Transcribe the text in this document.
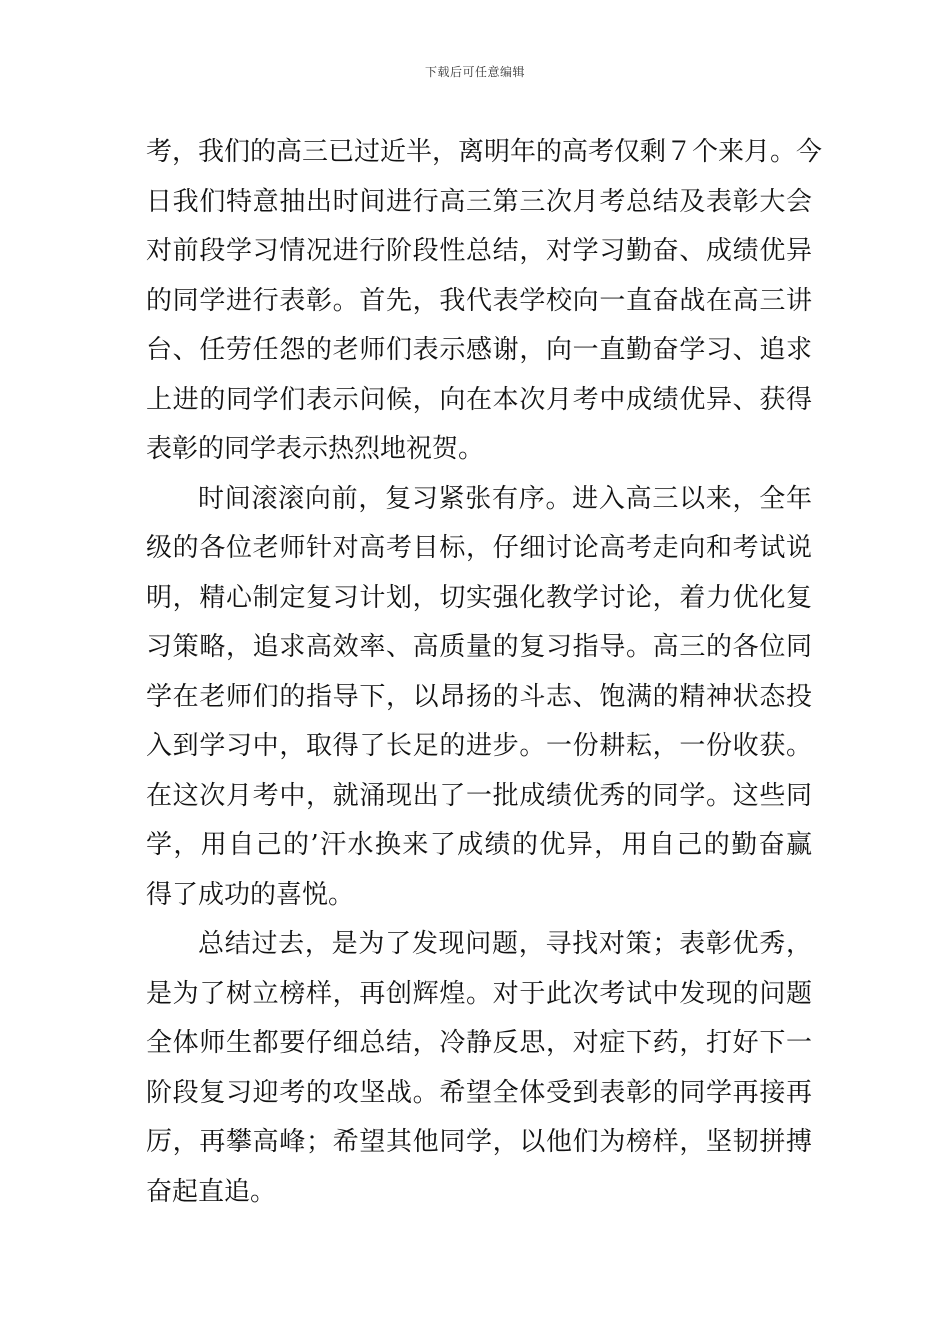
下载后可任意编辑
考，我们的高三已过近半，离明年的高考仅剩７个来月。今
日我们特意抽出时间进行高三第三次月考总结及表彰大会
对前段学习情况进行阶段性总结，对学习勤奋、成绩优异
的同学进行表彰。首先，我代表学校向一直奋战在高三讲
台、任劳任怨的老师们表示感谢，向一直勤奋学习、追求
上进的同学们表示问候，向在本次月考中成绩优异、获得
表彰的同学表示热烈地祝贺。
时间滚滚向前，复习紧张有序。进入高三以来，全年
级的各位老师针对高考目标，仔细讨论高考走向和考试说
明，精心制定复习计划，切实强化教学讨论，着力优化复
习策略，追求高效率、高质量的复习指导。高三的各位同
学在老师们的指导下，以昂扬的斗志、饱满的精神状态投
入到学习中，取得了长足的进步。一份耕耘，一份收获。
在这次月考中，就涌现出了一批成绩优秀的同学。这些同
学，用自己的’汗水换来了成绩的优异，用自己的勤奋赢
得了成功的喜悦。
总结过去，是为了发现问题，寻找对策；表彰优秀，
是为了树立榜样，再创辉煌。对于此次考试中发现的问题
全体师生都要仔细总结，冷静反思，对症下药，打好下一
阶段复习迎考的攻坚战。希望全体受到表彰的同学再接再
厉，再攀高峰；希望其他同学，以他们为榜样，坚韧拼搏
奋起直追。
